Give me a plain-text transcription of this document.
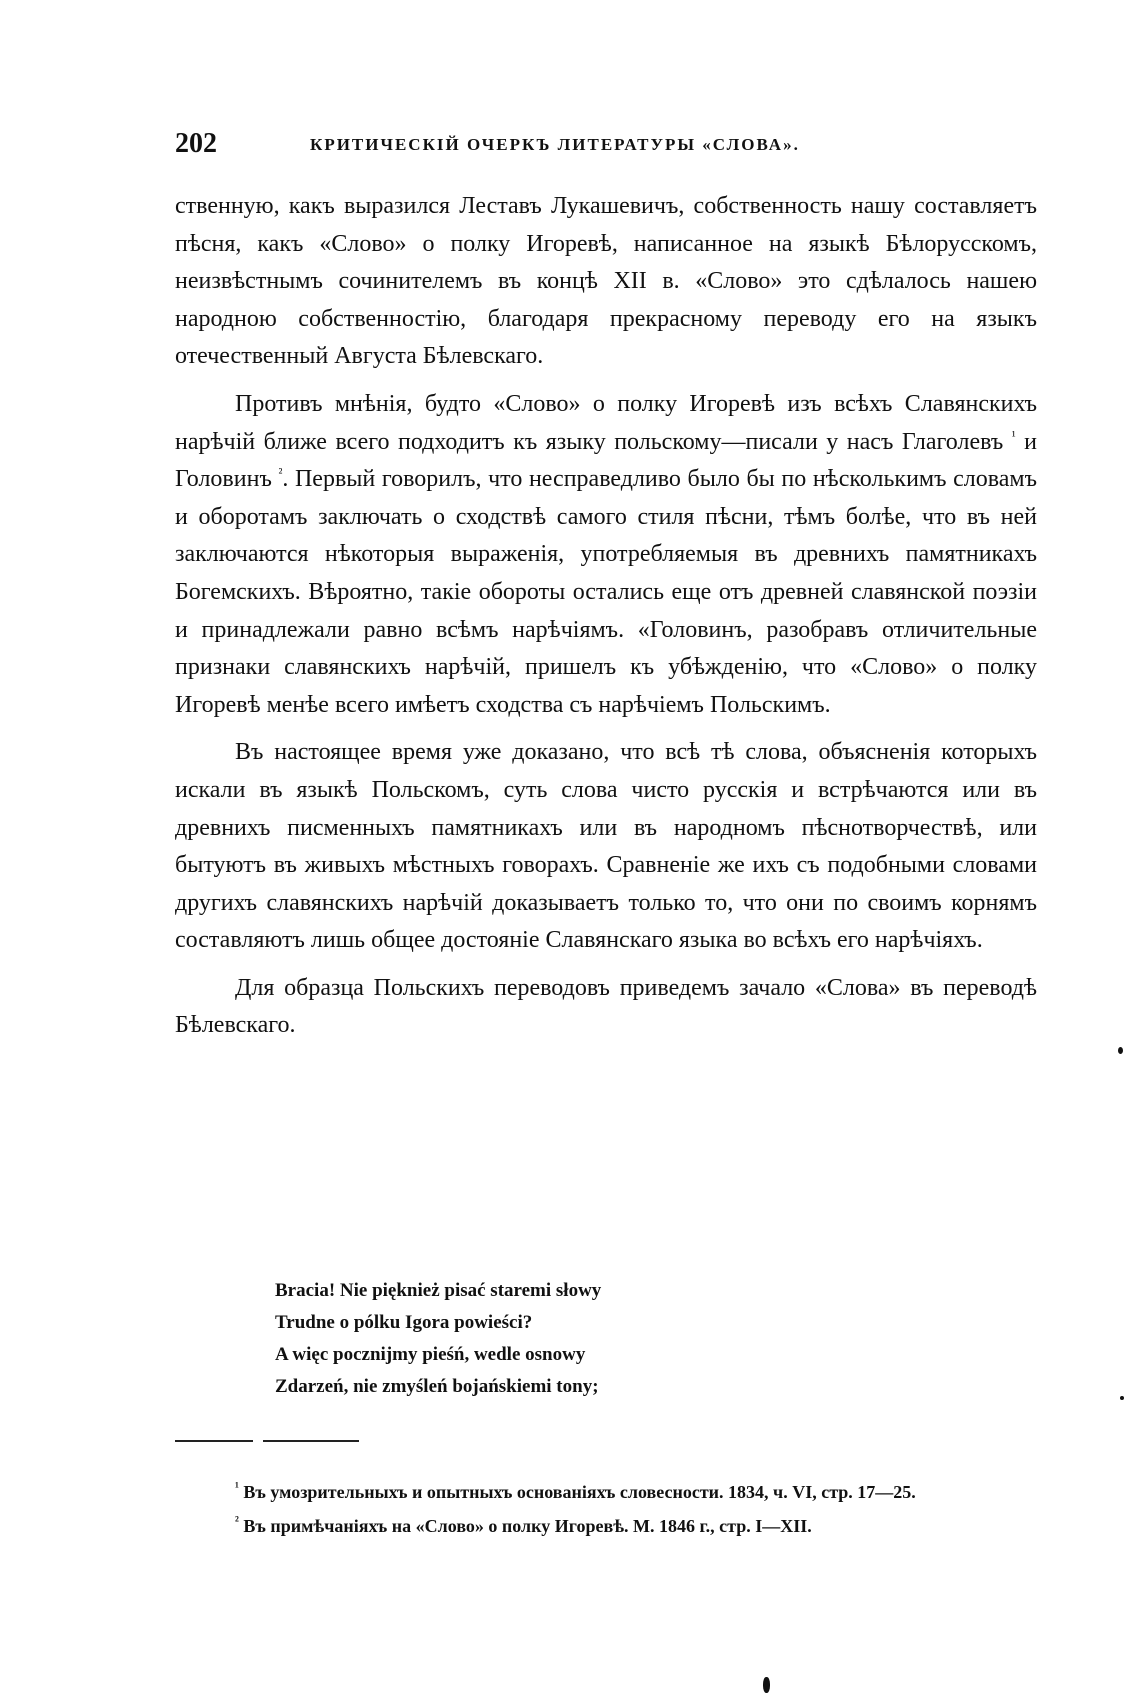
202	КРИТИЧЕСКІЙ ОЧЕРКЪ ЛИТЕРАТУРЫ «СЛОВА».

ственную, какъ выразился Леставъ Лукашевичъ, собственность нашу составляетъ пѣсня, какъ «Слово» о полку Игоревѣ, написанное на языкѣ Бѣлорусскомъ, неизвѣстнымъ сочинителемъ въ концѣ XII в. «Слово» это сдѣлалось нашею народною собственностію, благодаря прекрасному переводу его на языкъ отечественный Августа Бѣлевскаго.

Противъ мнѣнія, будто «Слово» о полку Игоревѣ изъ всѣхъ Славянскихъ нарѣчій ближе всего подходитъ къ языку польскому—писали у насъ Глаголевъ $^{^1}$ и Головинъ $^{^2}$. Первый говорилъ, что несправедливо было бы по нѣсколькимъ словамъ и оборотамъ заключать о сходствѣ самого стиля пѣсни, тѣмъ болѣе, что въ ней заключаются нѣкоторыя выраженія, употребляемыя въ древнихъ памятникахъ Богемскихъ. Вѣроятно, такіе обороты остались еще отъ древней славянской поэзіи и принадлежали равно всѣмъ нарѣчіямъ. «Головинъ, разобравъ отличительные признаки славянскихъ нарѣчій, пришелъ къ убѣжденію, что «Слово» о полку Игоревѣ менѣе всего имѣетъ сходства съ нарѣчіемъ Польскимъ.

Въ настоящее время уже доказано, что всѣ тѣ слова, объясненія которыхъ искали въ языкѣ Польскомъ, суть слова чисто русскія и встрѣчаются или въ древнихъ писменныхъ памятникахъ или въ народномъ пѣснотворчествѣ, или бытуютъ въ живыхъ мѣстныхъ говорахъ. Сравненіе же ихъ съ подобными словами другихъ славянскихъ нарѣчій доказываетъ только то, что они по своимъ корнямъ составляютъ лишь общее достояніе Славянскаго языка во всѣхъ его нарѣчіяхъ.

Для образца Польскихъ переводовъ приведемъ зачало «Слова» въ переводѣ Бѣлевскаго.

Bracia! Nie pięknież pisać staremi słowy
Trudne o pólku Igora powieści?
A więc pocznijmy pieśń, wedle osnowy
Zdarzeń, nie zmyśleń bojańskiemi tony;

$^{^1}$ Въ умозрительныхъ и опытныхъ основаніяхъ словесности. 1834, ч. VI, стр. 17—25.

$^{^2}$ Въ примѣчаніяхъ на «Слово» о полку Игоревѣ. М. 1846 г., стр. I—XII.
